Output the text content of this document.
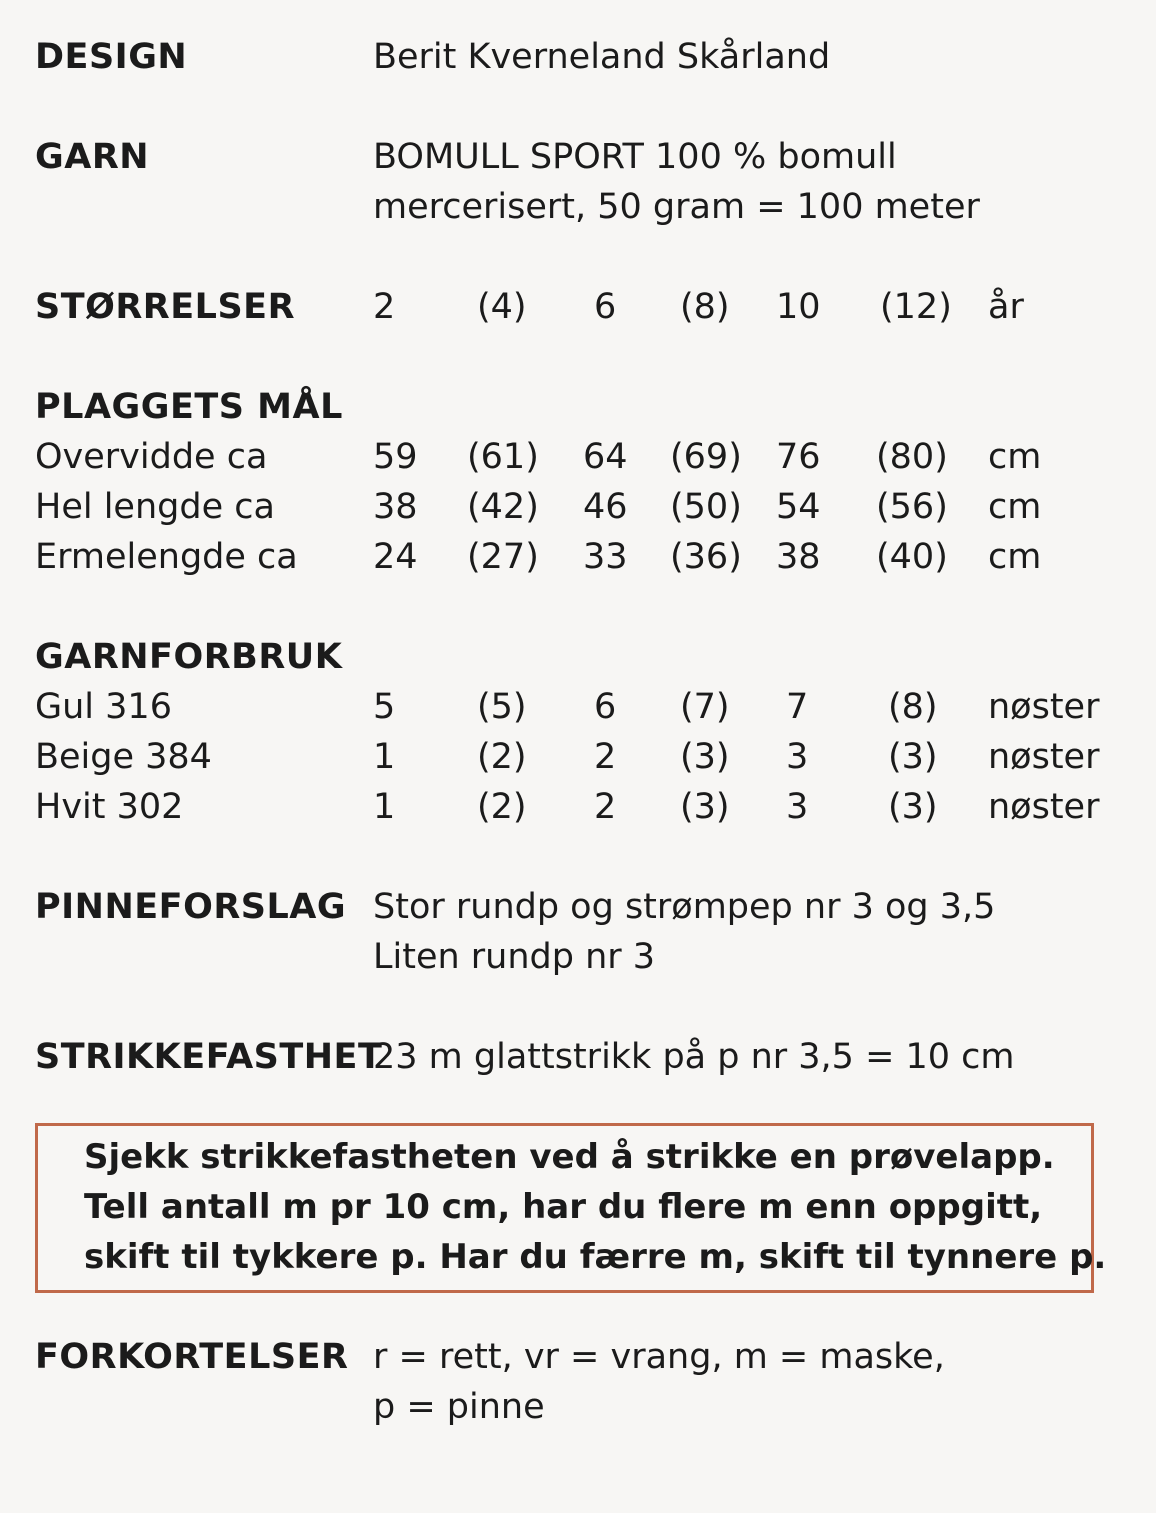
DESIGN	Berit Kverneland Skårland
GARN	BOMULL SPORT 100 % bomull
mercerisert, 50 gram = 100 meter
STØRRELSER 2 (4) 6 (8) 10 (12) år
PLAGGETS MÅL
Overvidde ca	59 (61) 64 (69) 76 (80) cm
Hel lengde ca	38 (42) 46 (50) 54 (56) cm
Ermelengde ca 24 (27) 33 (36) 38 (40) cm
GARNFORBRUK
Gul 316	5 (5) 6 (7) 7 (8) nøster
Beige 384	1 (2) 2 (3) 3 (3) nøster
Hvit 302	1 (2) 2 (3) 3 (3) nøster
PINNEFORSLAG Stor rundp og strømpep nr 3 og 3,5
Liten rundp nr 3
STRIKKEFASTHET
23 m glattstrikk på p nr 3,5 = 10 cm
Sjekk strikkefastheten ved å strikke en prøvelapp.
Tell antall m pr 10 cm, har du flere m enn oppgitt,
skift til tykkere p. Har du færre m, skift til tynnere p.
FORKORTELSER r = rett, vr = vrang, m = maske,
p = pinne
